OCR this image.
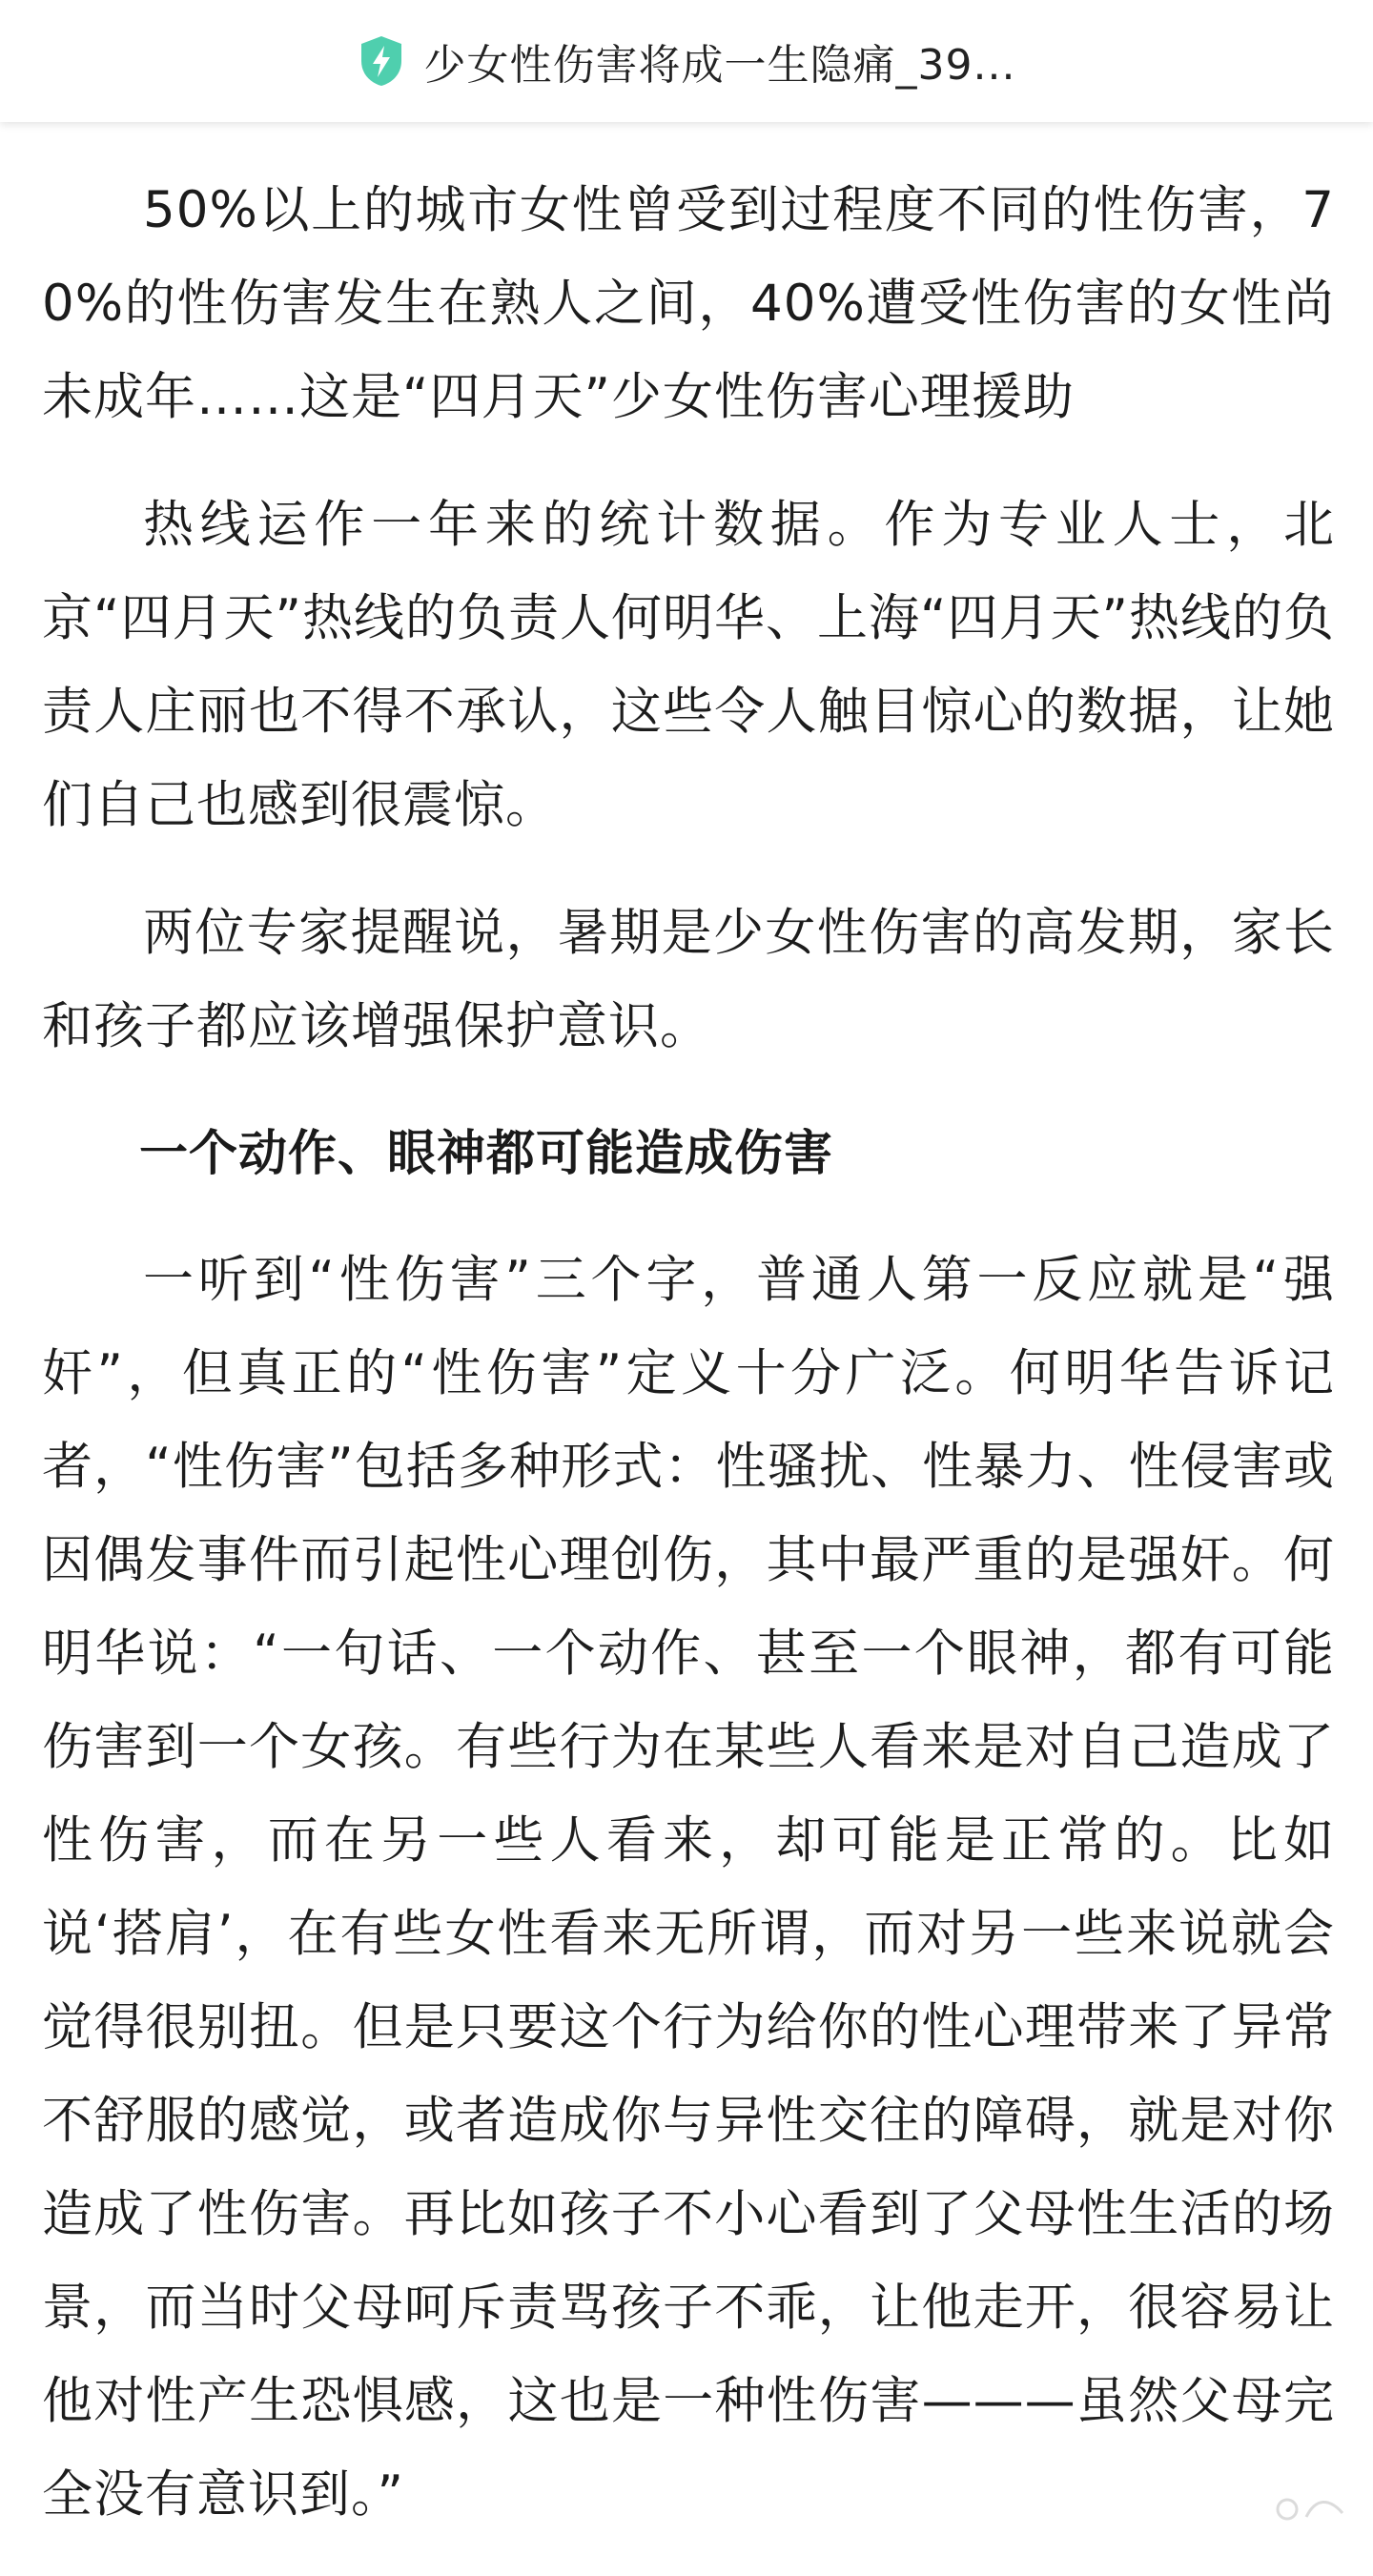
少女性伤害将成一生隐痛_39...

50%以上的城市女性曾受到过程度不同的性伤害，70%的性伤害发生在熟人之间，40%遭受性伤害的女性尚未成年……这是“四月天”少女性伤害心理援助

热线运作一年来的统计数据。作为专业人士，北京“四月天”热线的负责人何明华、上海“四月天”热线的负责人庄丽也不得不承认，这些令人触目惊心的数据，让她们自己也感到很震惊。

两位专家提醒说，暑期是少女性伤害的高发期，家长和孩子都应该增强保护意识。

一个动作、眼神都可能造成伤害

一听到“性伤害”三个字，普通人第一反应就是“强奸”，但真正的“性伤害”定义十分广泛。何明华告诉记者，“性伤害”包括多种形式：性骚扰、性暴力、性侵害或因偶发事件而引起性心理创伤，其中最严重的是强奸。何明华说：“一句话、一个动作、甚至一个眼神，都有可能伤害到一个女孩。有些行为在某些人看来是对自己造成了性伤害，而在另一些人看来，却可能是正常的。比如说‘搭肩’，在有些女性看来无所谓，而对另一些来说就会觉得很别扭。但是只要这个行为给你的性心理带来了异常不舒服的感觉，或者造成你与异性交往的障碍，就是对你造成了性伤害。再比如孩子不小心看到了父母性生活的场景，而当时父母呵斥责骂孩子不乖，让他走开，很容易让他对性产生恐惧感，这也是一种性伤害———虽然父母完全没有意识到。”
